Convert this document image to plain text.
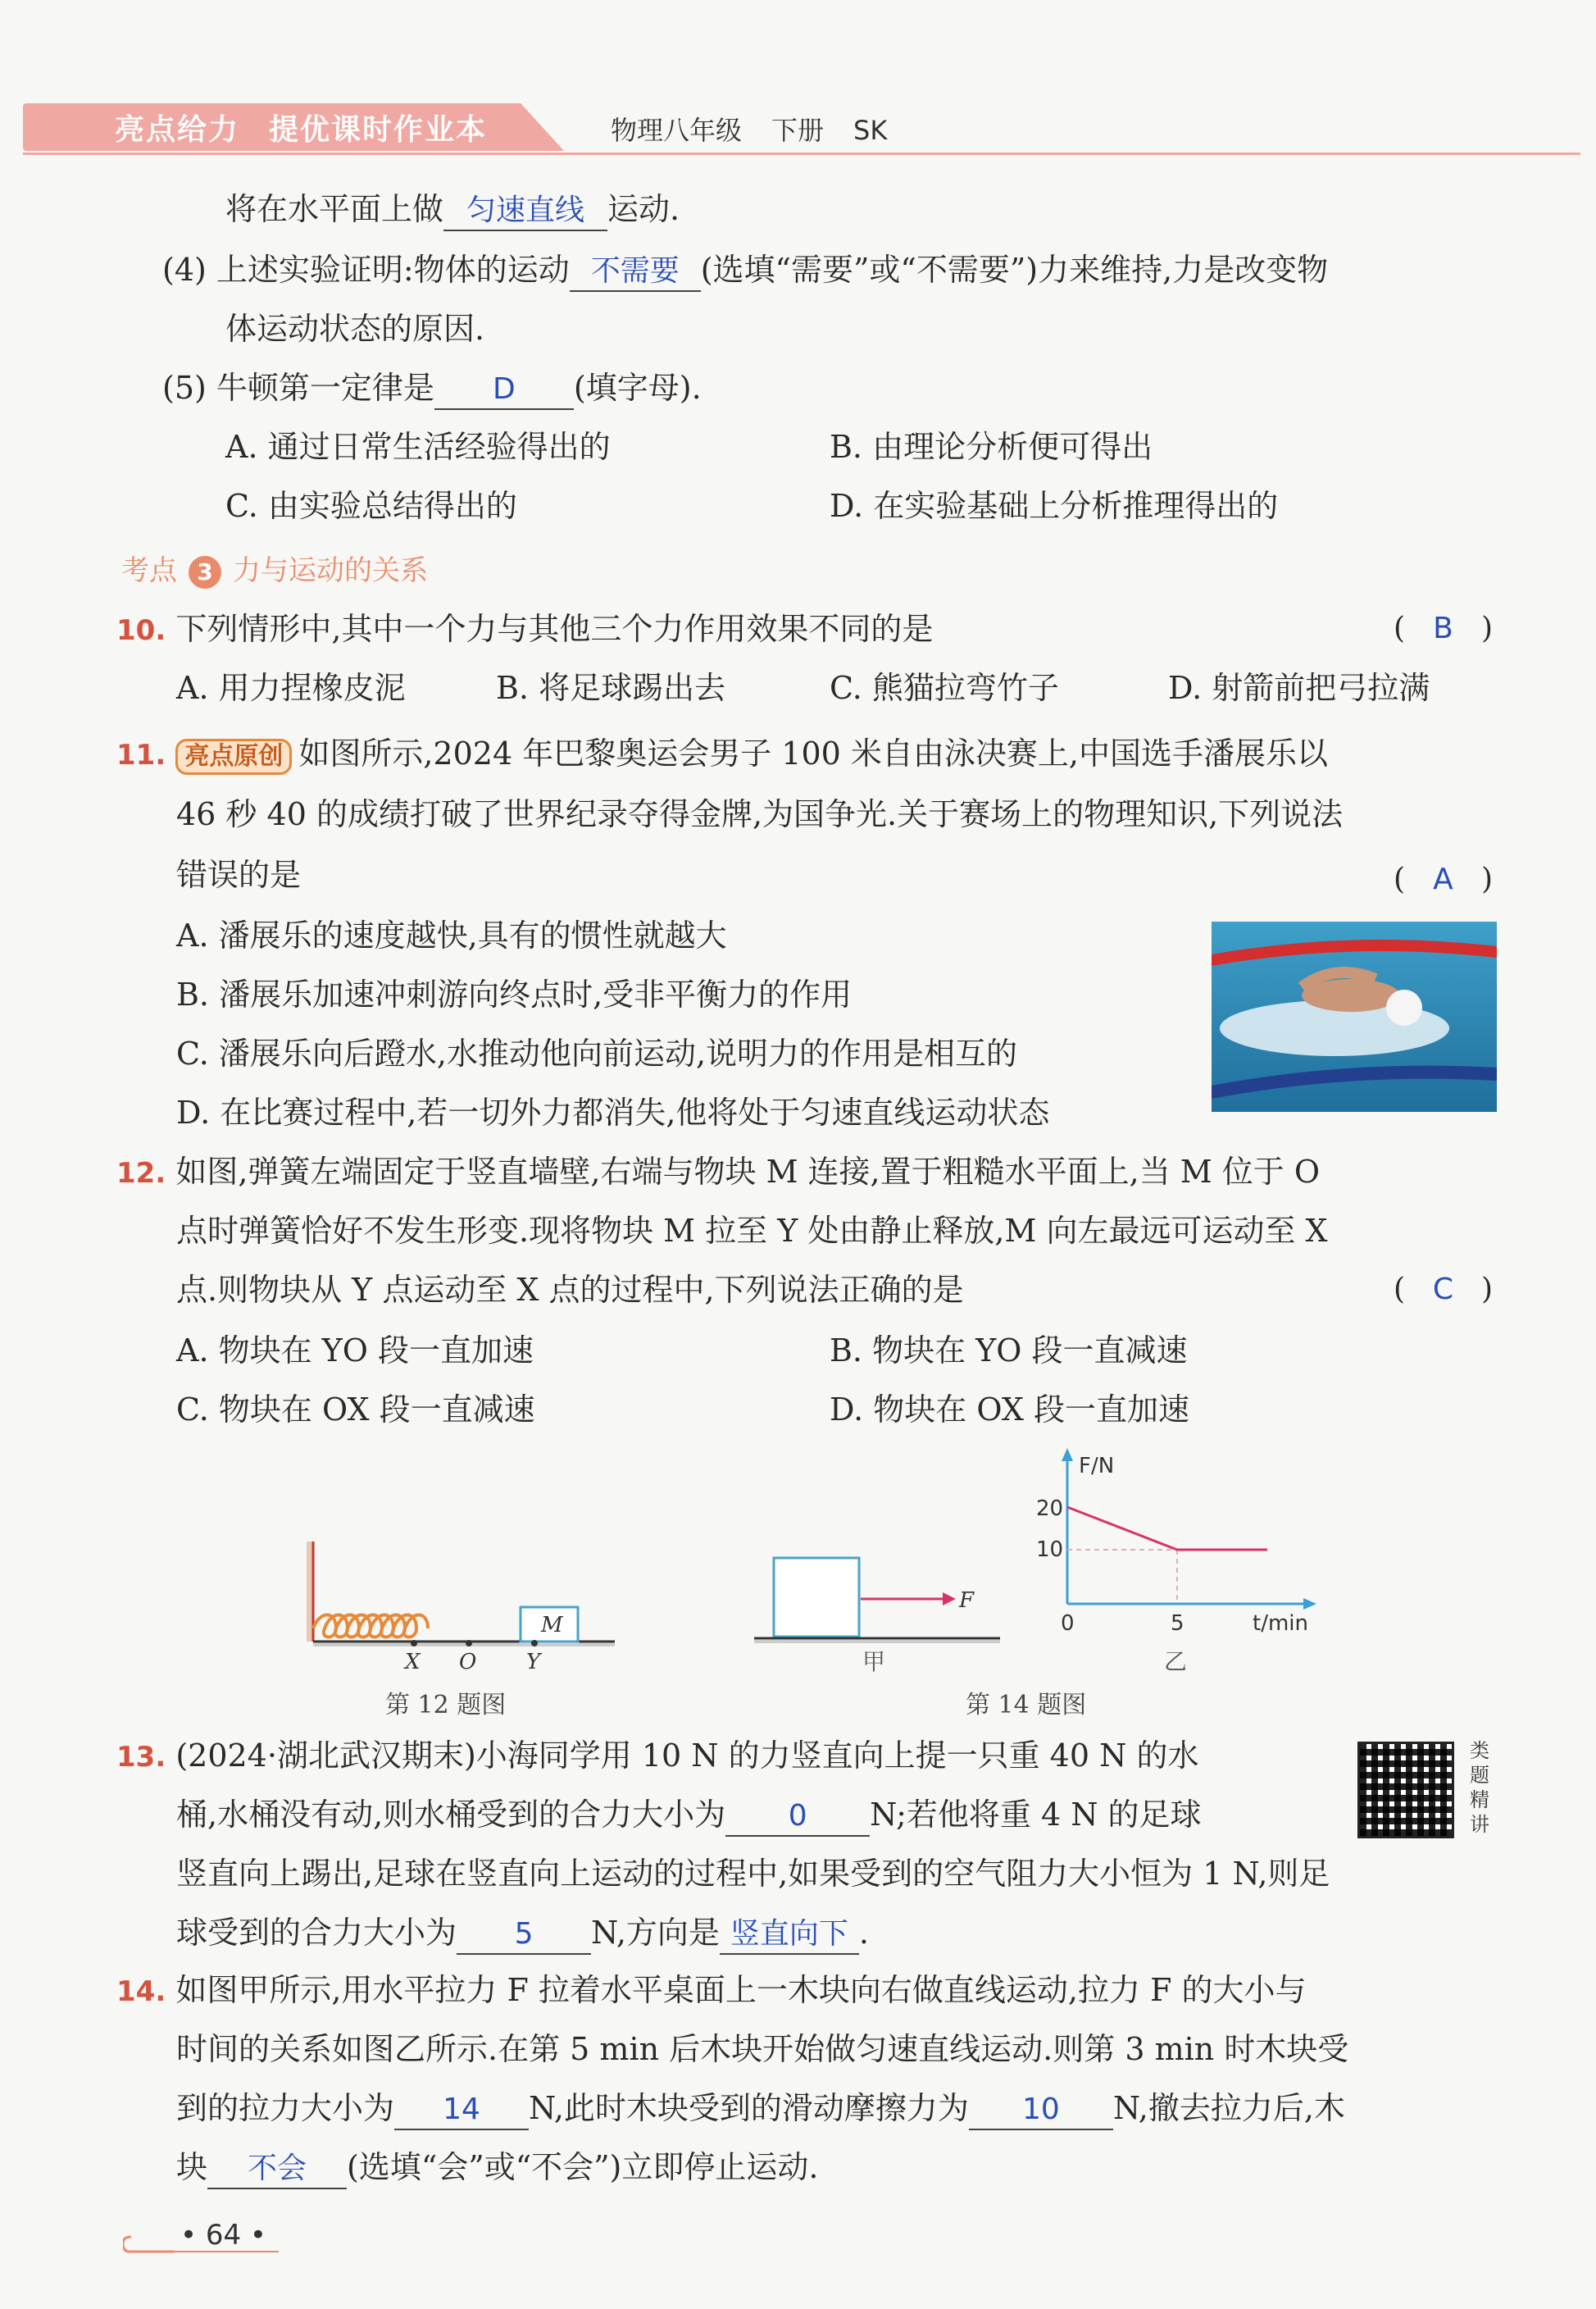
亮点给力 提优课时作业本	物理八年级 下册 SK
将在水平面上做 匀速直线 运动.
(4) 上述实验证明:物体的运动 不需要 (选填“需要”或“不需要”)力来维持,力是改变物
体运动状态的原因.
(5) 牛顿第一定律是 D (填字母).
A. 通过日常生活经验得出的	B. 由理论分析便可得出
C. 由实验总结得出的	D. 在实验基础上分析推理得出的
考点 3 力与运动的关系
10. 下列情形中,其中一个力与其他三个力作用效果不同的是	( B )
A. 用力捏橡皮泥	B. 将足球踢出去	C. 熊猫拉弯竹子	D. 射箭前把弓拉满
11. 亮点原创 如图所示,2024 年巴黎奥运会男子 100 米自由泳决赛上,中国选手潘展乐以
46 秒 40 的成绩打破了世界纪录夺得金牌,为国争光.关于赛场上的物理知识,下列说法
错误的是	( A )
A. 潘展乐的速度越快,具有的惯性就越大
B. 潘展乐加速冲刺游向终点时,受非平衡力的作用
C. 潘展乐向后蹬水,水推动他向前运动,说明力的作用是相互的
D. 在比赛过程中,若一切外力都消失,他将处于匀速直线运动状态
12. 如图,弹簧左端固定于竖直墙壁,右端与物块 M 连接,置于粗糙水平面上,当 M 位于 O
点时弹簧恰好不发生形变.现将物块 M 拉至 Y 处由静止释放,M 向左最远可运动至 X
点.则物块从 Y 点运动至 X 点的过程中,下列说法正确的是	( C )
A. 物块在 YO 段一直加速	B. 物块在 YO 段一直减速
C. 物块在 OX 段一直减速	D. 物块在 OX 段一直加速
M
X O Y
第 12 题图
F
甲
F/N
t/min
20
10
0	5
乙
第 14 题图
13. (2024·湖北武汉期末)小海同学用 10 N 的力竖直向上提一只重 40 N 的水
桶,水桶没有动,则水桶受到的合力大小为 0 N;若他将重 4 N 的足球
竖直向上踢出,足球在竖直向上运动的过程中,如果受到的空气阻力大小恒为 1 N,则足
球受到的合力大小为 5 N,方向是 竖直向下 .
类题精讲
14. 如图甲所示,用水平拉力 F 拉着水平桌面上一木块向右做直线运动,拉力 F 的大小与
时间的关系如图乙所示.在第 5 min 后木块开始做匀速直线运动.则第 3 min 时木块受
到的拉力大小为 14 N,此时木块受到的滑动摩擦力为 10 N,撤去拉力后,木
块 不会 (选填“会”或“不会”)立即停止运动.
• 64 •
